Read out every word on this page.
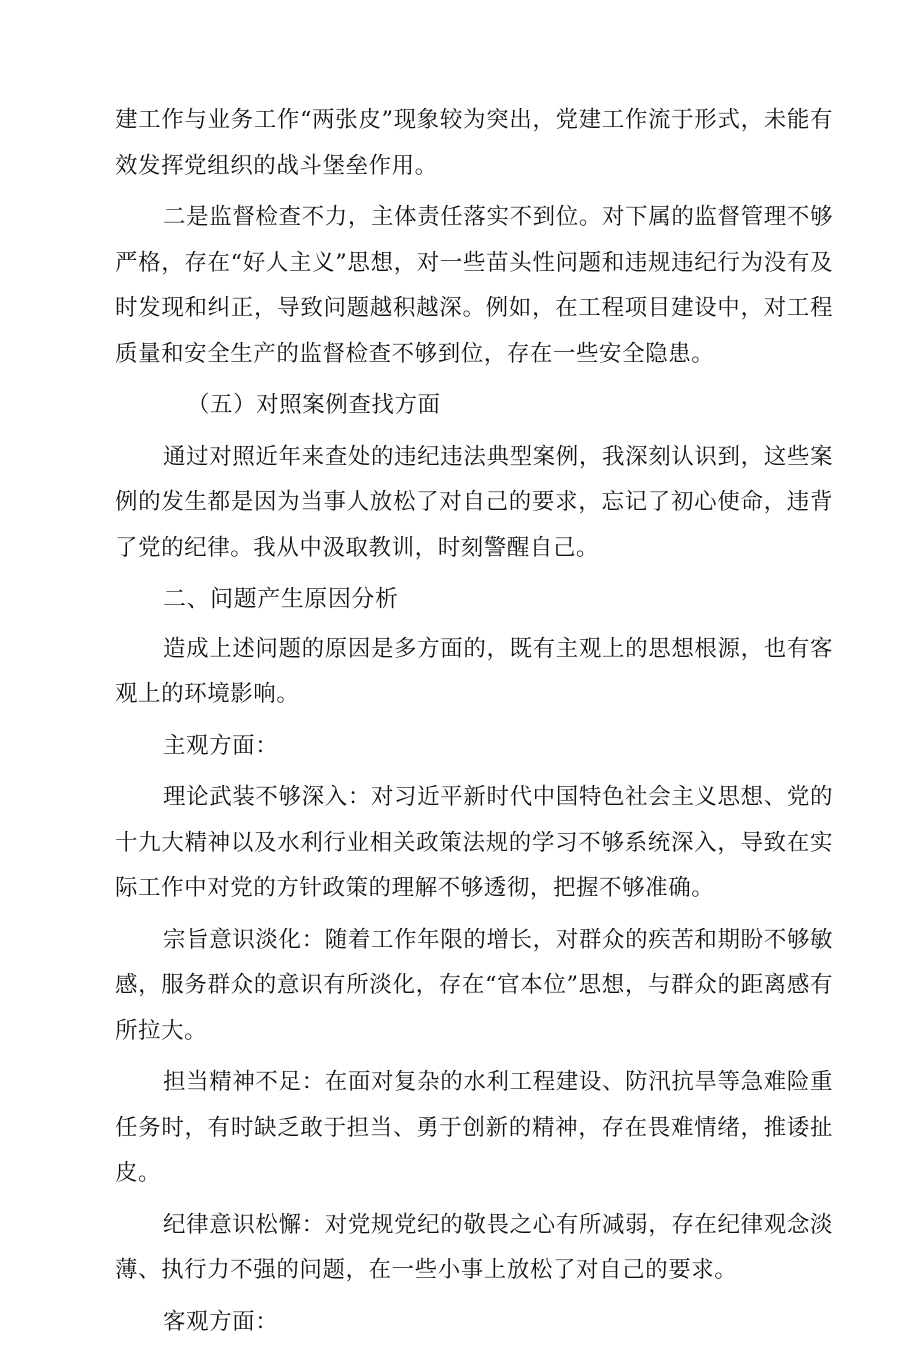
建工作与业务工作“两张皮”现象较为突出，党建工作流于形式，未能有效发挥党组织的战斗堡垒作用。

二是监督检查不力，主体责任落实不到位。对下属的监督管理不够严格，存在“好人主义”思想，对一些苗头性问题和违规违纪行为没有及时发现和纠正，导致问题越积越深。例如，在工程项目建设中，对工程质量和安全生产的监督检查不够到位，存在一些安全隐患。

（五）对照案例查找方面

通过对照近年来查处的违纪违法典型案例，我深刻认识到，这些案例的发生都是因为当事人放松了对自己的要求，忘记了初心使命，违背了党的纪律。我从中汲取教训，时刻警醒自己。

二、问题产生原因分析

造成上述问题的原因是多方面的，既有主观上的思想根源，也有客观上的环境影响。

主观方面：

理论武装不够深入：对习近平新时代中国特色社会主义思想、党的十九大精神以及水利行业相关政策法规的学习不够系统深入，导致在实际工作中对党的方针政策的理解不够透彻，把握不够准确。

宗旨意识淡化：随着工作年限的增长，对群众的疾苦和期盼不够敏感，服务群众的意识有所淡化，存在“官本位”思想，与群众的距离感有所拉大。

担当精神不足：在面对复杂的水利工程建设、防汛抗旱等急难险重任务时，有时缺乏敢于担当、勇于创新的精神，存在畏难情绪，推诿扯皮。

纪律意识松懈：对党规党纪的敬畏之心有所减弱，存在纪律观念淡薄、执行力不强的问题，在一些小事上放松了对自己的要求。

客观方面：
